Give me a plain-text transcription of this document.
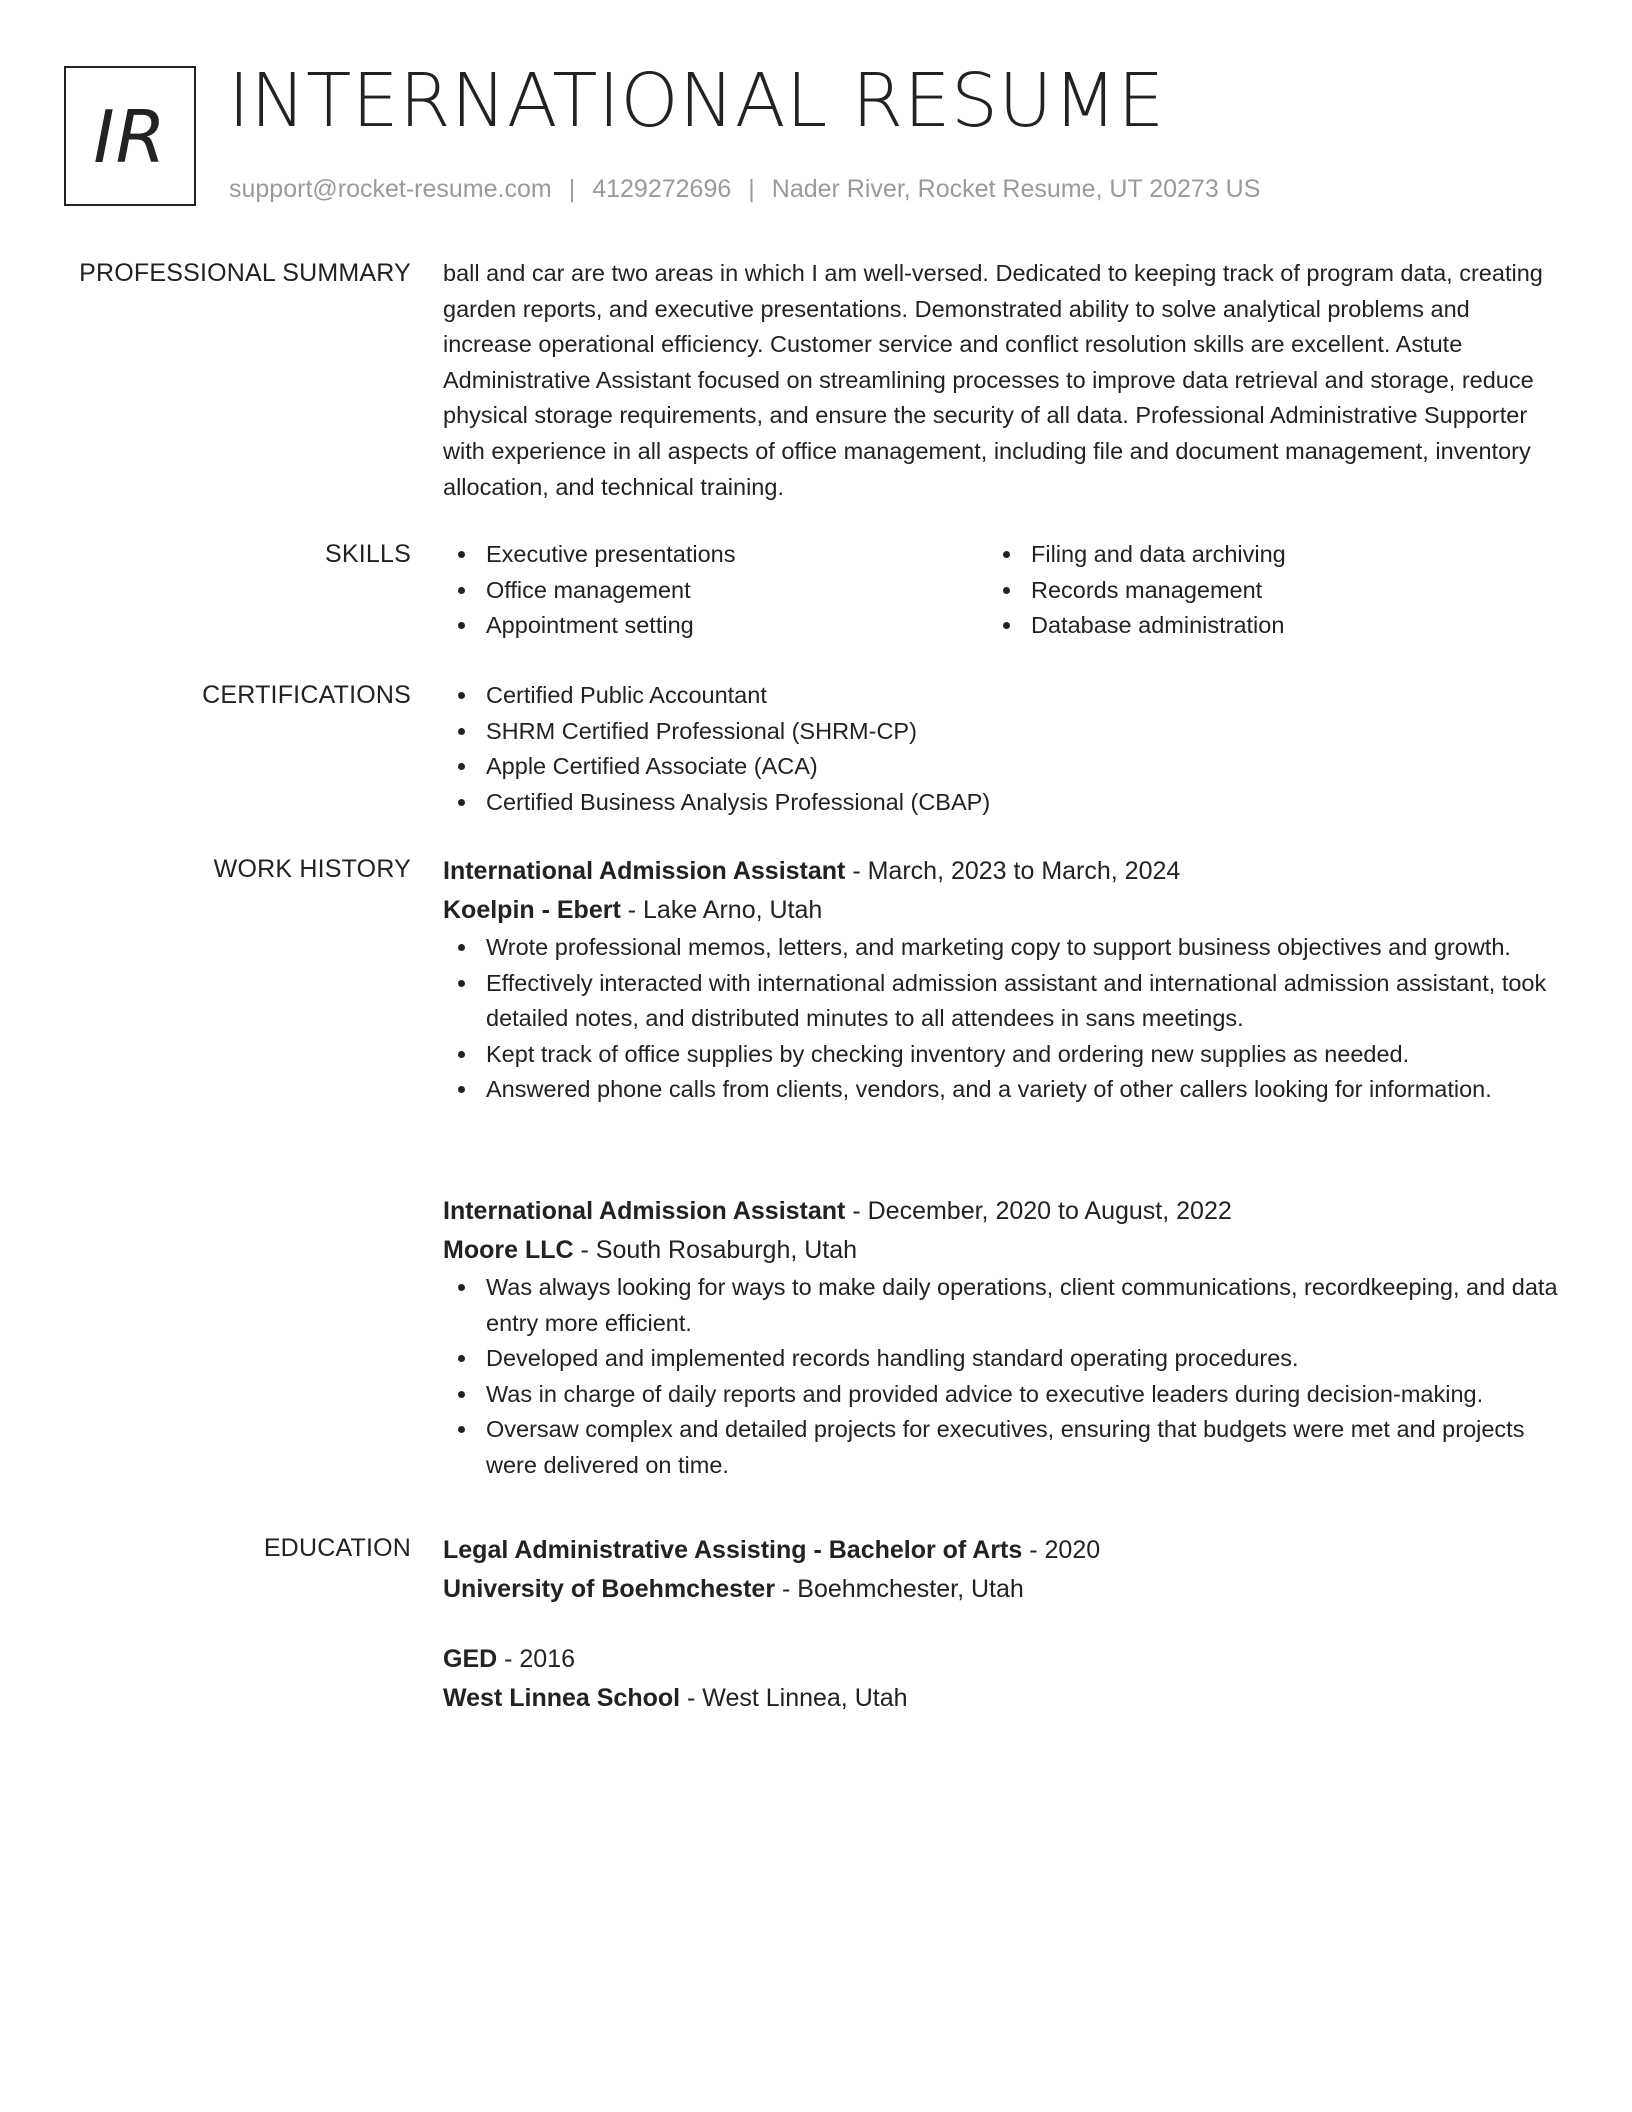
IR INTERNATIONAL RESUME
support@rocket-resume.com | 4129272696 | Nader River, Rocket Resume, UT 20273 US
PROFESSIONAL SUMMARY ball and car are two areas in which I am well-versed. Dedicated to keeping track of program data, creating garden reports, and executive presentations. Demonstrated ability to solve analytical problems and increase operational efficiency. Customer service and conflict resolution skills are excellent. Astute Administrative Assistant focused on streamlining processes to improve data retrieval and storage, reduce physical storage requirements, and ensure the security of all data. Professional Administrative Supporter with experience in all aspects of office management, including file and document management, inventory allocation, and technical training.

SKILLS	Executive presentations
Office management
Appointment setting
Filing and data archiving
Records management
Database administration
CERTIFICATIONS	Certified Public Accountant
SHRM Certified Professional (SHRM-CP)
Apple Certified Associate (ACA)
Certified Business Analysis Professional (CBAP)
WORK HISTORY International Admission Assistant - March, 2023 to March, 2024
Koelpin - Ebert - Lake Arno, Utah
Wrote professional memos, letters, and marketing copy to support business objectives and growth.
Effectively interacted with international admission assistant and international admission assistant, took detailed notes, and distributed minutes to all attendees in sans meetings.
Kept track of office supplies by checking inventory and ordering new supplies as needed.
Answered phone calls from clients, vendors, and a variety of other callers looking for information.
International Admission Assistant - December, 2020 to August, 2022
Moore LLC - South Rosaburgh, Utah
Was always looking for ways to make daily operations, client communications, recordkeeping, and data entry more efficient.
Developed and implemented records handling standard operating procedures.
Was in charge of daily reports and provided advice to executive leaders during decision-making.
Oversaw complex and detailed projects for executives, ensuring that budgets were met and projects were delivered on time.
EDUCATION Legal Administrative Assisting - Bachelor of Arts - 2020
University of Boehmchester - Boehmchester, Utah
GED - 2016
West Linnea School - West Linnea, Utah
